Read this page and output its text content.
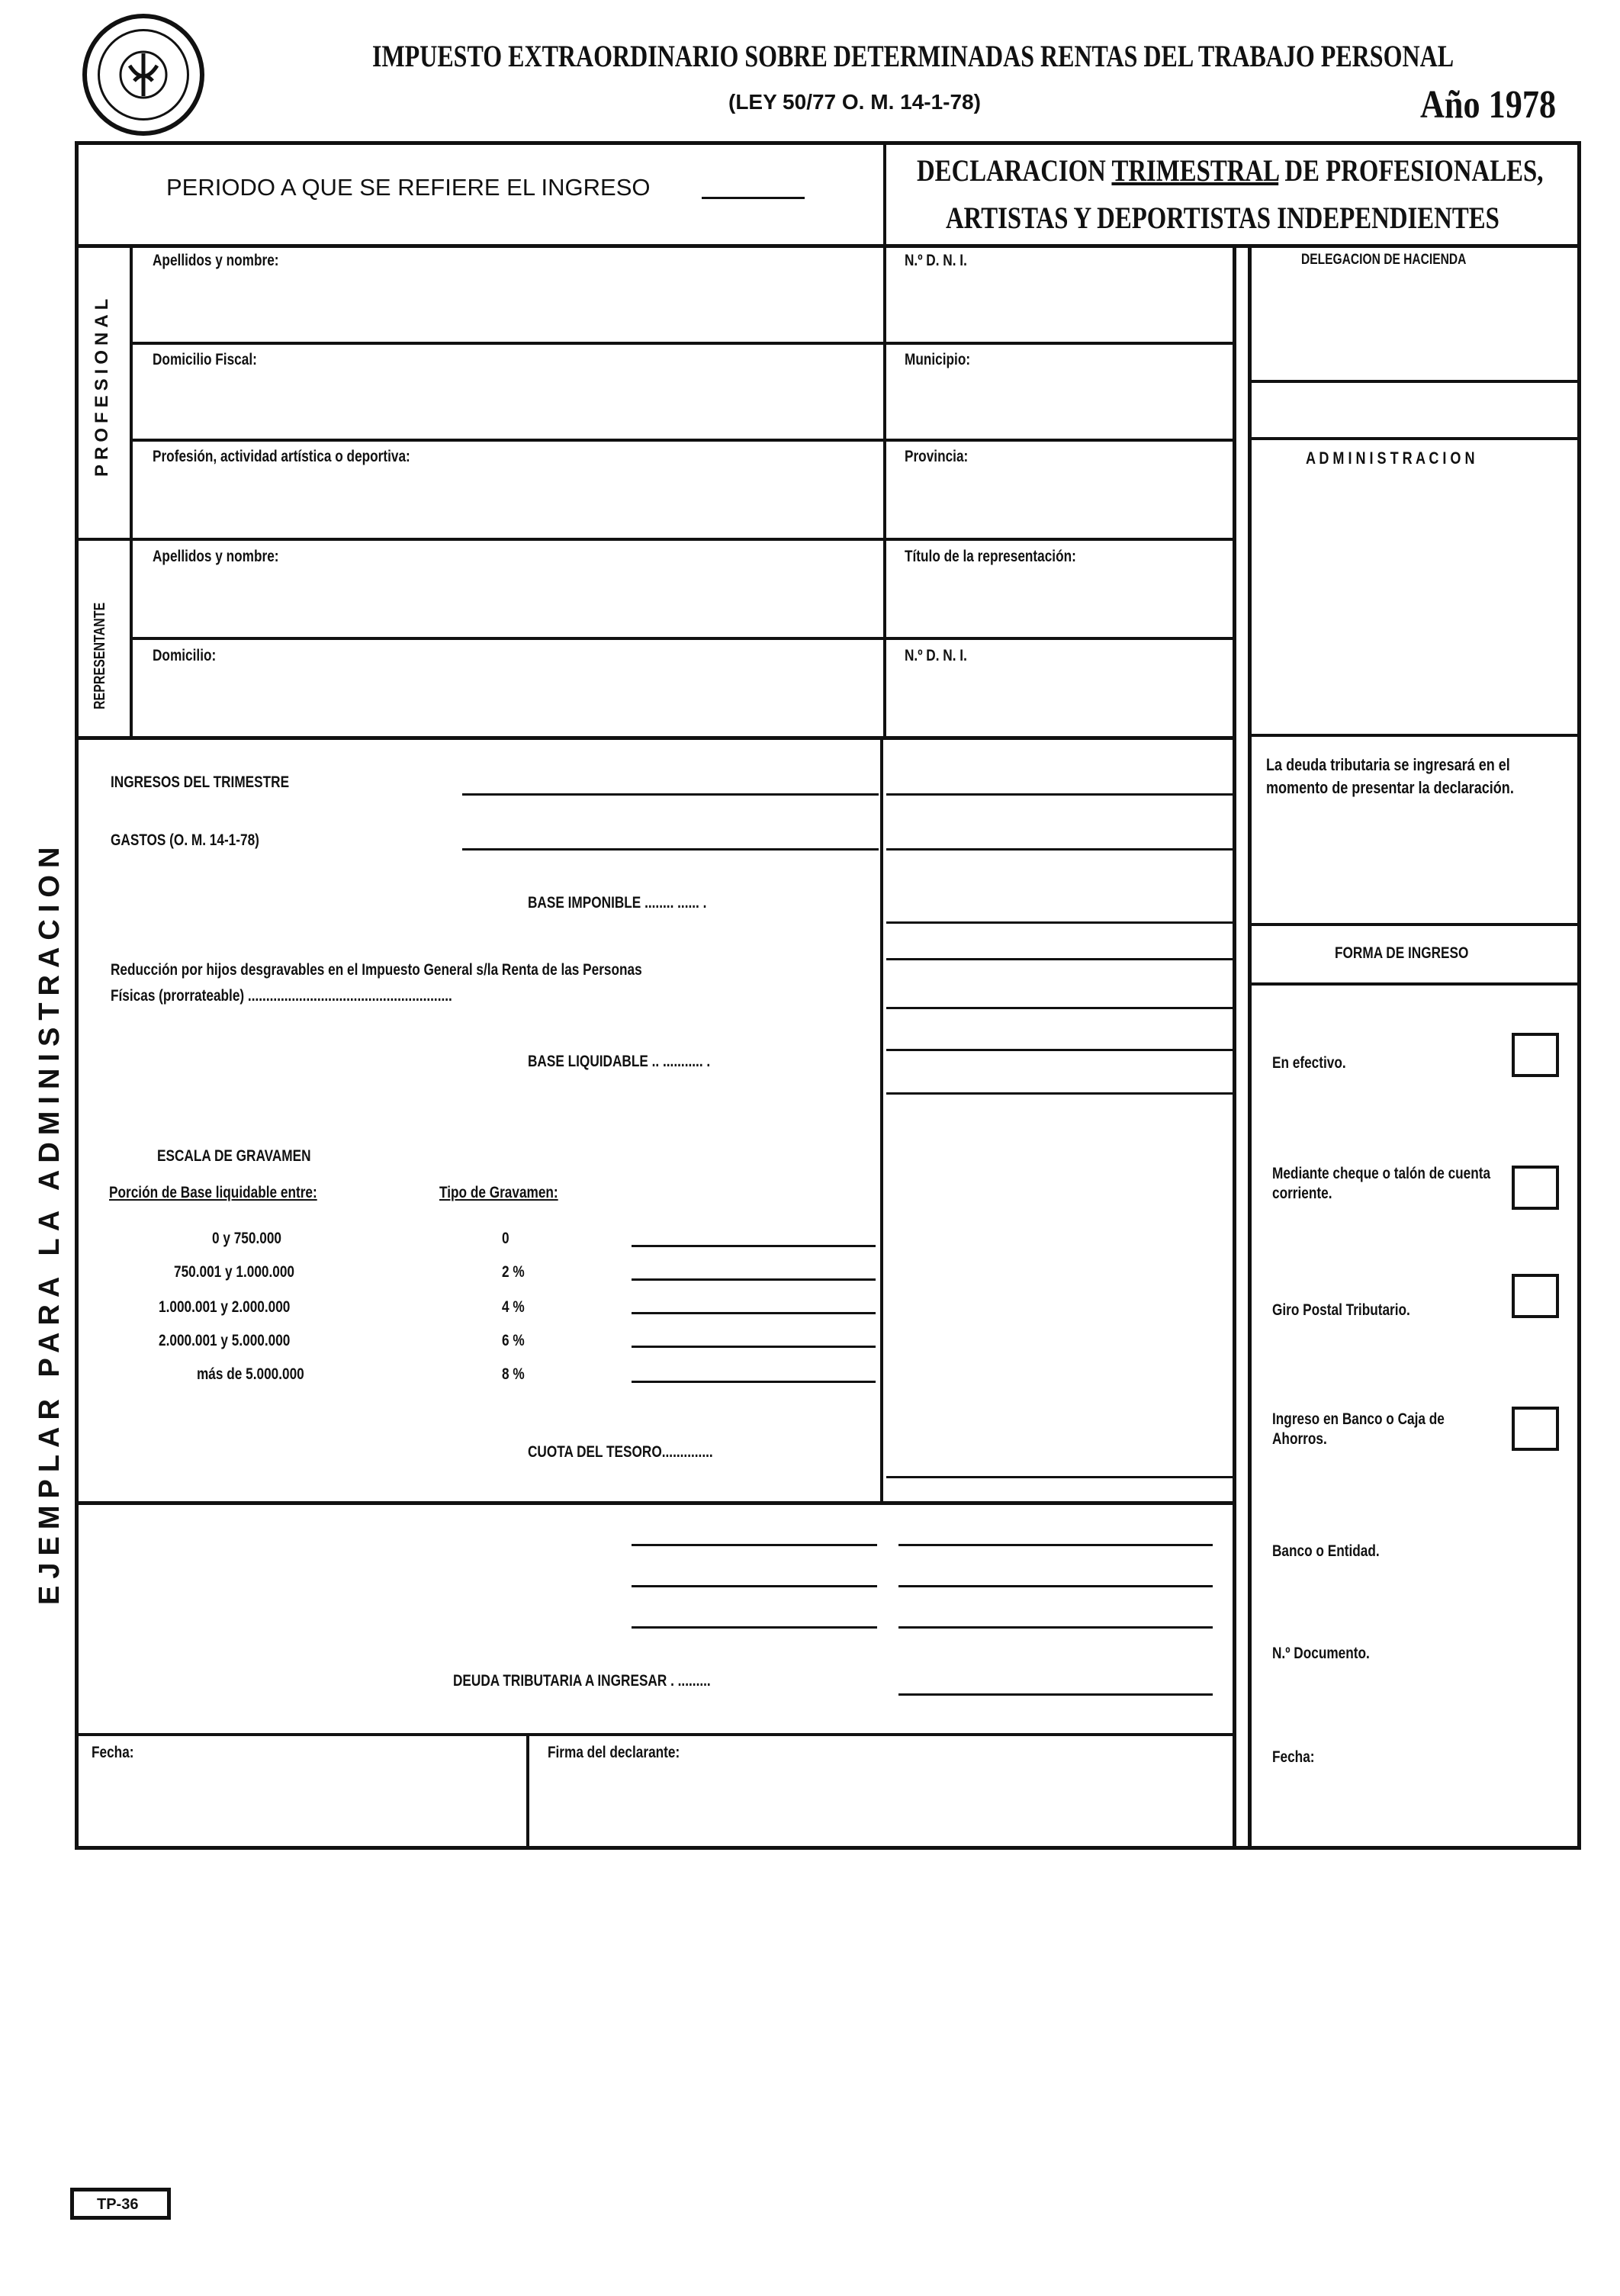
IMPUESTO EXTRAORDINARIO SOBRE DETERMINADAS RENTAS DEL TRABAJO PERSONAL
(LEY 50/77 O. M. 14-1-78)	Año 1978
PERIODO A QUE SE REFIERE EL INGRESO	DECLARACION TRIMESTRAL DE PROFESIONALES,
ARTISTAS Y DEPORTISTAS INDEPENDIENTES
PROFESIONAL
REPRESENTANTE
Apellidos y nombre:	N.º D. N. I.
Domicilio Fiscal:	Municipio:
Profesión, actividad artística o deportiva:	Provincia:
Apellidos y nombre:	Título de la representación:
Domicilio:	N.º D. N. I.
DELEGACION DE HACIENDA
A D M I N I S T R A C I O N
La deuda tributaria se ingresará en el momento de presentar la declaración.
FORMA DE INGRESO
En efectivo.
Mediante cheque o talón de cuenta corriente.
Giro Postal Tributario.
Ingreso en Banco o Caja de Ahorros.
Banco o Entidad.
N.º Documento.
Fecha:
INGRESOS DEL TRIMESTRE
GASTOS (O. M. 14-1-78)
BASE IMPONIBLE ........ ...... .
Reducción por hijos desgravables en el Impuesto General s/la Renta de las Personas
Físicas (prorrateable) ........................................................
BASE LIQUIDABLE .. ........... .
ESCALA DE GRAVAMEN
Porción de Base liquidable entre:	Tipo de Gravamen:
0 y 750.000	0
750.001 y 1.000.000	2 %
1.000.001 y 2.000.000	4 %
2.000.001 y 5.000.000	6 %
más de 5.000.000	8 %
CUOTA DEL TESORO..............
DEUDA TRIBUTARIA A INGRESAR . .........
Fecha:	Firma del declarante:
EJEMPLAR PARA LA ADMINISTRACION
TP-36
